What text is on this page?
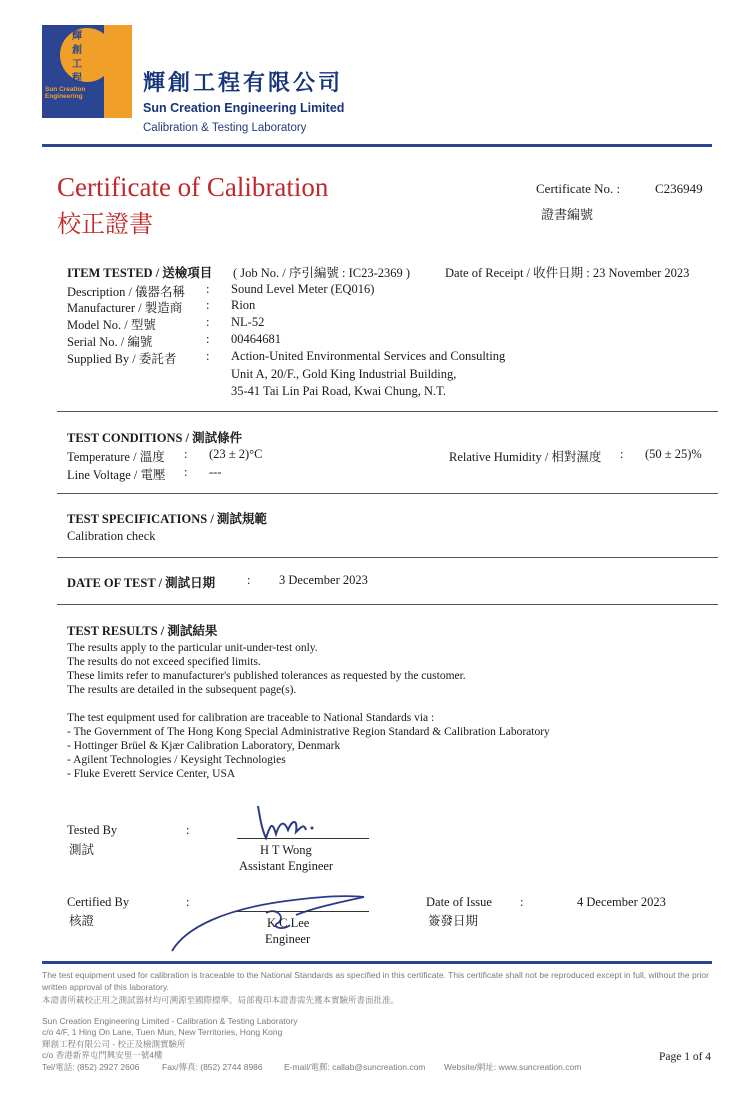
輝創工程
Sun Creation Engineering
輝創工程有限公司
Sun Creation Engineering Limited
Calibration & Testing Laboratory
Certificate of Calibration
校正證書
Certificate No. :	C236949
證書編號
ITEM TESTED / 送檢項目 ( Job No. / 序引編號 : IC23-2369 )	Date of Receipt / 收件日期 : 23 November 2023
Description / 儀器名稱 : Sound Level Meter (EQ016)
Manufacturer / 製造商 : Rion
Model No. / 型號	: NL-52
Serial No. / 編號	: 00464681
Supplied By / 委託者 : Action-United Environmental Services and Consulting
Unit A, 20/F., Gold King Industrial Building,
35-41 Tai Lin Pai Road, Kwai Chung, N.T.
TEST CONDITIONS / 測試條件
Temperature / 溫度 : (23 ± 2)°C	Relative Humidity / 相對濕度 : (50 ± 25)%
Line Voltage / 電壓 : ---
TEST SPECIFICATIONS / 測試規範
Calibration check
DATE OF TEST / 測試日期	: 3 December 2023
TEST RESULTS / 測試結果
The results apply to the particular unit-under-test only.
The results do not exceed specified limits.
These limits refer to manufacturer's published tolerances as requested by the customer.
The results are detailed in the subsequent page(s).
The test equipment used for calibration are traceable to National Standards via :
- The Government of The Hong Kong Special Administrative Region Standard & Calibration Laboratory
- Hottinger Brüel & Kjær Calibration Laboratory, Denmark
- Agilent Technologies / Keysight Technologies
- Fluke Everett Service Center, USA
Tested By
測試
:
H T Wong
Assistant Engineer
Certified By
核證
:
K C Lee
Engineer
Date of Issue
簽發日期
:	4 December 2023
The test equipment used for calibration is traceable to the National Standards as specified in this certificate. This certificate shall not be reproduced except in full, without the prior
written approval of this laboratory.
本證書所載校正用之測試器材均可溯源至國際標準。局部複印本證書需先獲本實驗所書面批准。
Sun Creation Engineering Limited - Calibration & Testing Laboratory
c/o 4/F, 1 Hing On Lane, Tuen Mun, New Territories, Hong Kong
輝創工程有限公司 - 校正及檢測實驗所
c/o 香港新界屯門興安里一號4樓
Tel/電話: (852) 2927 2606	Fax/傳真: (852) 2744 8986	E-mail/電郵: callab@suncreation.com Website/網址: www.suncreation.com
Page 1 of 4
